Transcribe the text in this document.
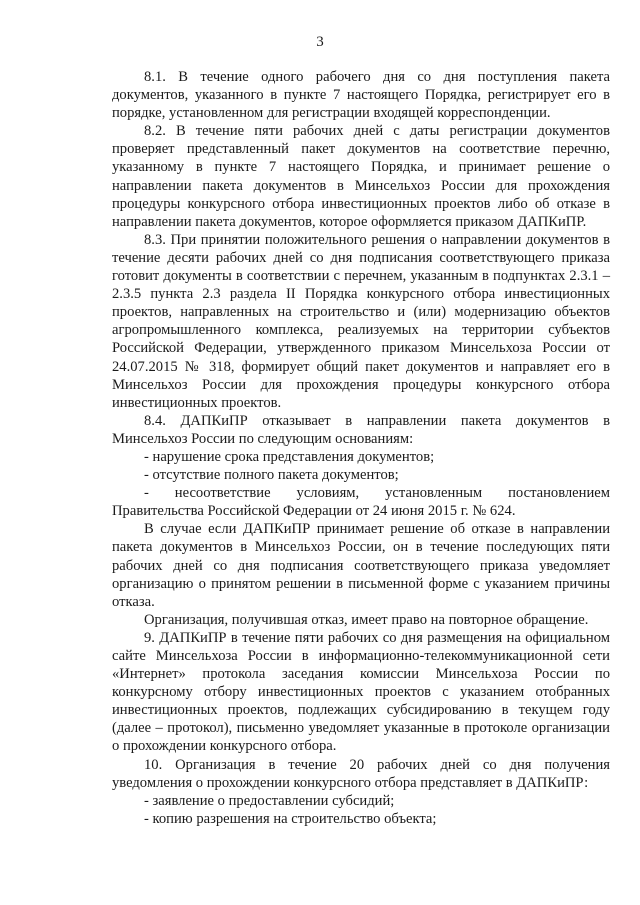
3

8.1. В течение одного рабочего дня со дня поступления пакета документов, указанного в пункте 7 настоящего Порядка, регистрирует его в порядке, установленном для регистрации входящей корреспонденции.

8.2. В течение пяти рабочих дней с даты регистрации документов проверяет представленный пакет документов на соответствие перечню, указанному в пункте 7 настоящего Порядка, и принимает решение о направлении пакета документов в Минсельхоз России для прохождения процедуры конкурсного отбора инвестиционных проектов либо об отказе в направлении пакета документов, которое оформляется приказом ДАПКиПР.

8.3. При принятии положительного решения о направлении документов в течение десяти рабочих дней со дня подписания соответствующего приказа готовит документы в соответствии с перечнем, указанным в подпунктах 2.3.1 – 2.3.5 пункта 2.3 раздела II Порядка конкурсного отбора инвестиционных проектов, направленных на строительство и (или) модернизацию объектов агропромышленного комплекса, реализуемых на территории субъектов Российской Федерации, утвержденного приказом Минсельхоза России от 24.07.2015 № 318, формирует общий пакет документов и направляет его в Минсельхоз России для прохождения процедуры конкурсного отбора инвестиционных проектов.

8.4. ДАПКиПР отказывает в направлении пакета документов в Минсельхоз России по следующим основаниям:

- нарушение срока представления документов;

- отсутствие полного пакета документов;

- несоответствие условиям, установленным постановлением Правительства Российской Федерации от 24 июня 2015 г. № 624.

В случае если ДАПКиПР принимает решение об отказе в направлении пакета документов в Минсельхоз России, он в течение последующих пяти рабочих дней со дня подписания соответствующего приказа уведомляет организацию о принятом решении в письменной форме с указанием причины отказа.

Организация, получившая отказ, имеет право на повторное обращение.

9. ДАПКиПР в течение пяти рабочих со дня размещения на официальном сайте Минсельхоза России в информационно-телекоммуникационной сети «Интернет» протокола заседания комиссии Минсельхоза России по конкурсному отбору инвестиционных проектов с указанием отобранных инвестиционных проектов, подлежащих субсидированию в текущем году (далее – протокол), письменно уведомляет указанные в протоколе организации о прохождении конкурсного отбора.

10. Организация в течение 20 рабочих дней со дня получения уведомления о прохождении конкурсного отбора представляет в ДАПКиПР:

- заявление о предоставлении субсидий;

- копию разрешения на строительство объекта;
